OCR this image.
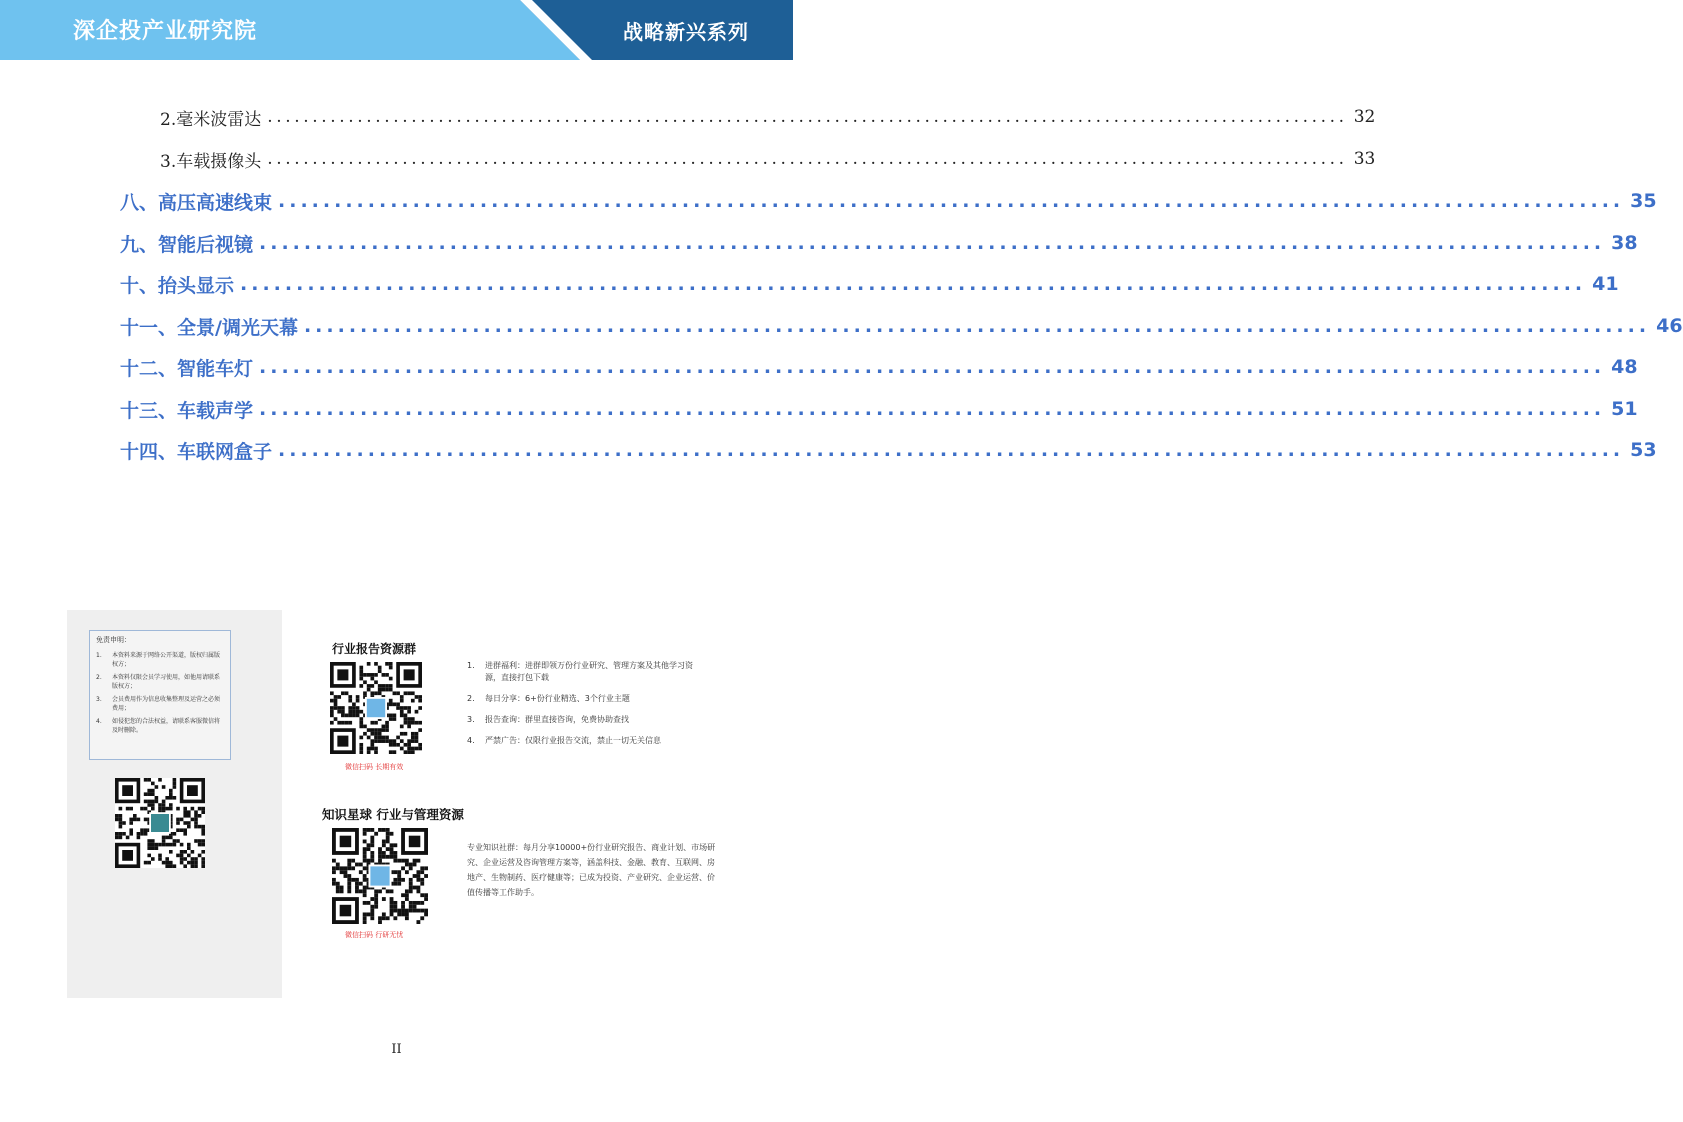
深企投产业研究院	战略新兴系列
2.毫米波雷达 ........................................................................................................................ 32
3.车载摄像头 ........................................................................................................................ 33
八、高压高速线束 ........................................................................................................................ 35
九、智能后视镜 ........................................................................................................................ 38
十、抬头显示 ........................................................................................................................ 41
十一、全景/调光天幕 ........................................................................................................................ 46
十二、智能车灯 ........................................................................................................................ 48
十三、车载声学 ........................................................................................................................ 51
十四、车联网盒子 ........................................................................................................................ 53
免责申明：
1.	本资料来源于网络公开渠道，版权归属版权方；
2.	本资料仅限会员学习使用，如他用请联系版权方；
3.	会员费用作为信息收集整理及运营之必须费用；
4.	如侵犯您的合法权益，请联系客服微信将及时删除。
行业报告资源群
微信扫码 长期有效
1.	进群福利：进群即领万份行业研究、管理方案及其他学习资源，直接打包下载
2.	每日分享：6+份行业精选、3个行业主题
3.	报告查询：群里直接咨询，免费协助查找
4.	严禁广告：仅限行业报告交流，禁止一切无关信息
知识星球 行业与管理资源
微信扫码 行研无忧
专业知识社群：每月分享10000+份行业研究报告、商业计划、市场研究、企业运营及咨询管理方案等，涵盖科技、金融、教育、互联网、房地产、生物制药、医疗健康等；已成为投资、产业研究、企业运营、价值传播等工作助手。
II
